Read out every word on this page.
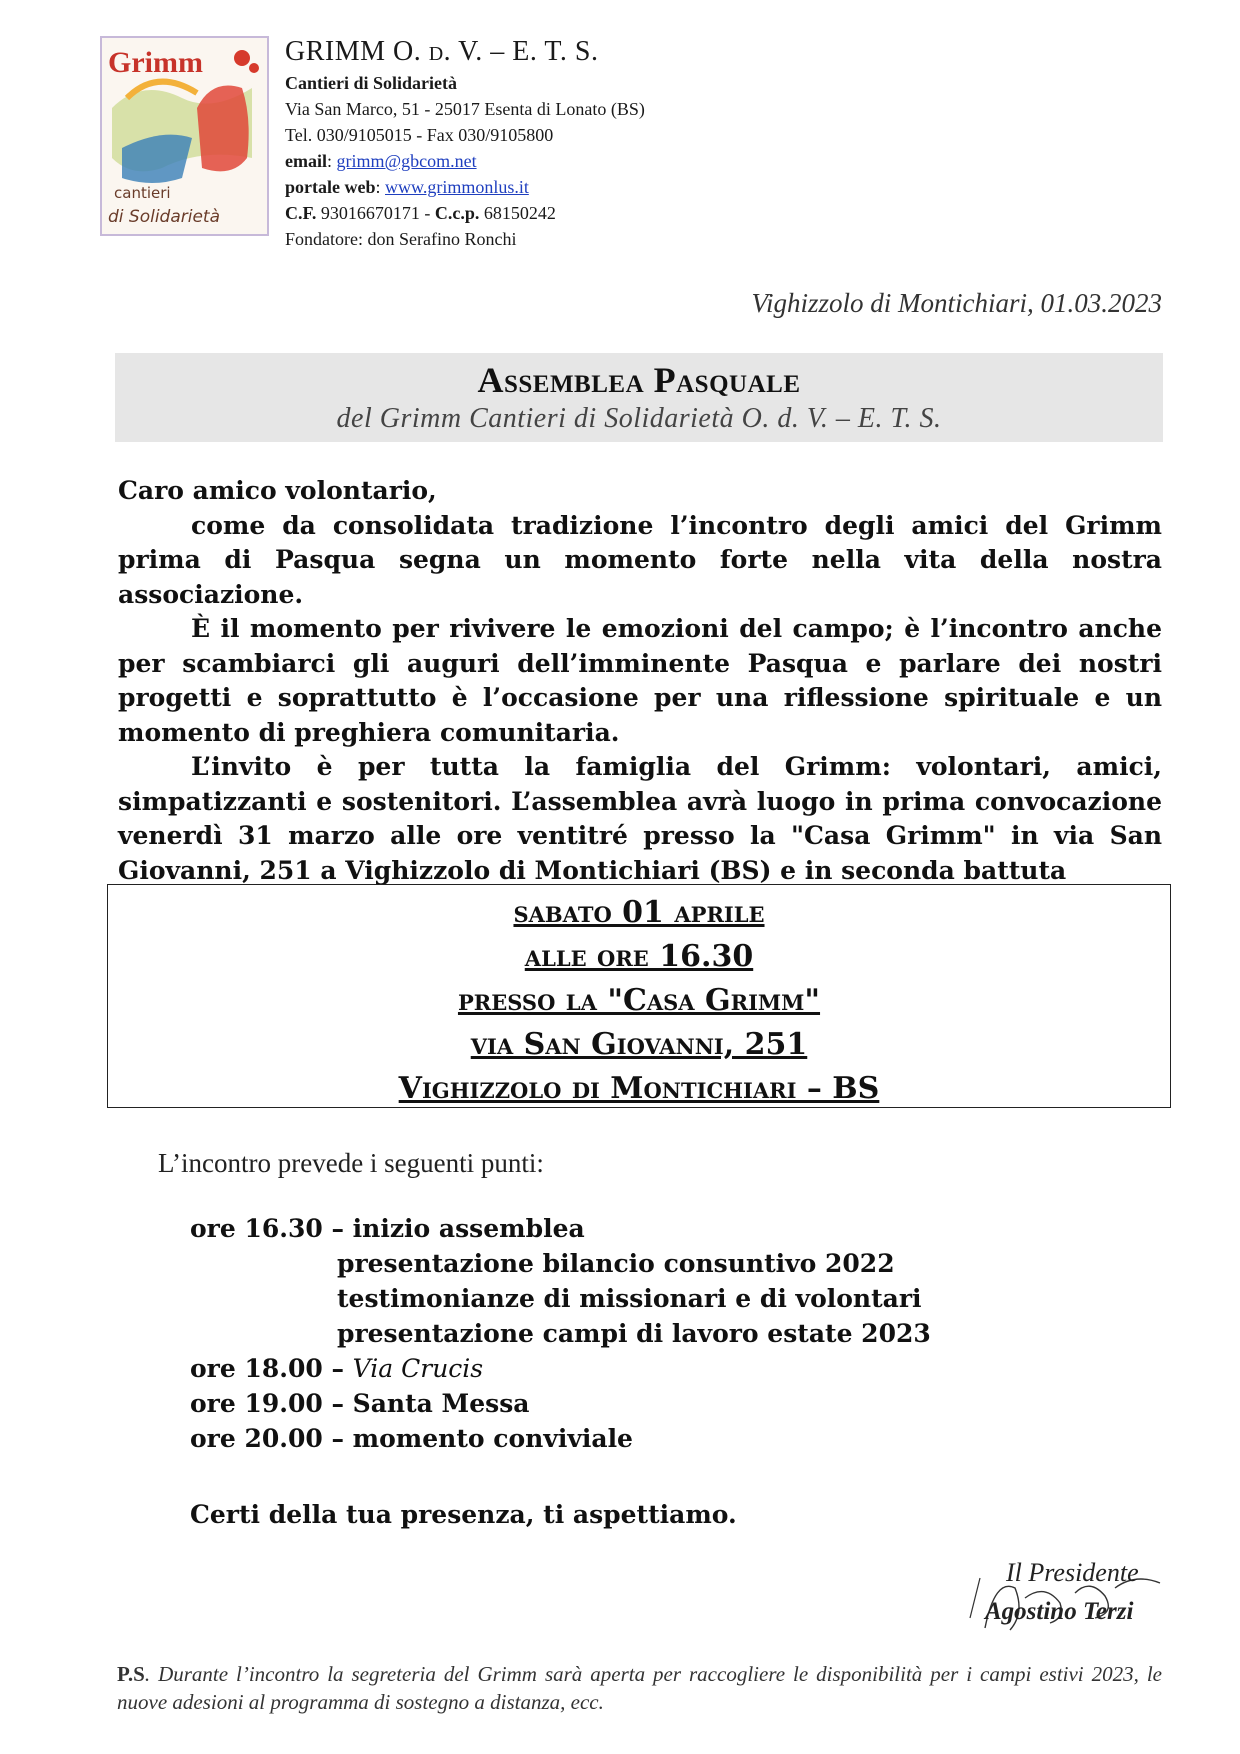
Grimm
cantieri
di Solidarietà
GRIMM O. d. V. – E. T. S.
Cantieri di Solidarietà
Via San Marco, 51 - 25017 Esenta di Lonato (BS)
Tel. 030/9105015 - Fax 030/9105800
email: grimm@gbcom.net
portale web: www.grimmonlus.it
C.F. 93016670171 - C.c.p. 68150242
Fondatore: don Serafino Ronchi
Vighizzolo di Montichiari, 01.03.2023
Assemblea Pasquale
del Grimm Cantieri di Solidarietà O. d. V. – E. T. S.

Caro amico volontario,

come da consolidata tradizione l’incontro degli amici del Grimm prima di Pasqua segna un momento forte nella vita della nostra associazione.

È il momento per rivivere le emozioni del campo; è l’incontro anche per scambiarci gli auguri dell’imminente Pasqua e parlare dei nostri progetti e soprattutto è l’occasione per una riflessione spirituale e un momento di preghiera comunitaria.

L’invito è per tutta la famiglia del Grimm: volontari, amici, simpatizzanti e sostenitori. L’assemblea avrà luogo in prima convocazione venerdì 31 marzo alle ore ventitré presso la "Casa Grimm" in via San Giovanni, 251 a Vighizzolo di Montichiari (BS) e in seconda battuta

sabato 01 aprile
alle ore 16.30
presso la "Casa Grimm"
via San Giovanni, 251
Vighizzolo di Montichiari – BS
L’incontro prevede i seguenti punti:
ore 16.30 – inizio assemblea
presentazione bilancio consuntivo 2022
testimonianze di missionari e di volontari
presentazione campi di lavoro estate 2023
ore 18.00 – Via Crucis
ore 19.00 – Santa Messa
ore 20.00 – momento conviviale
Certi della tua presenza, ti aspettiamo.
Il Presidente
Agostino Terzi
P.S. Durante l’incontro la segreteria del Grimm sarà aperta per raccogliere le disponibilità per i campi estivi 2023, le nuove adesioni al programma di sostegno a distanza, ecc.
